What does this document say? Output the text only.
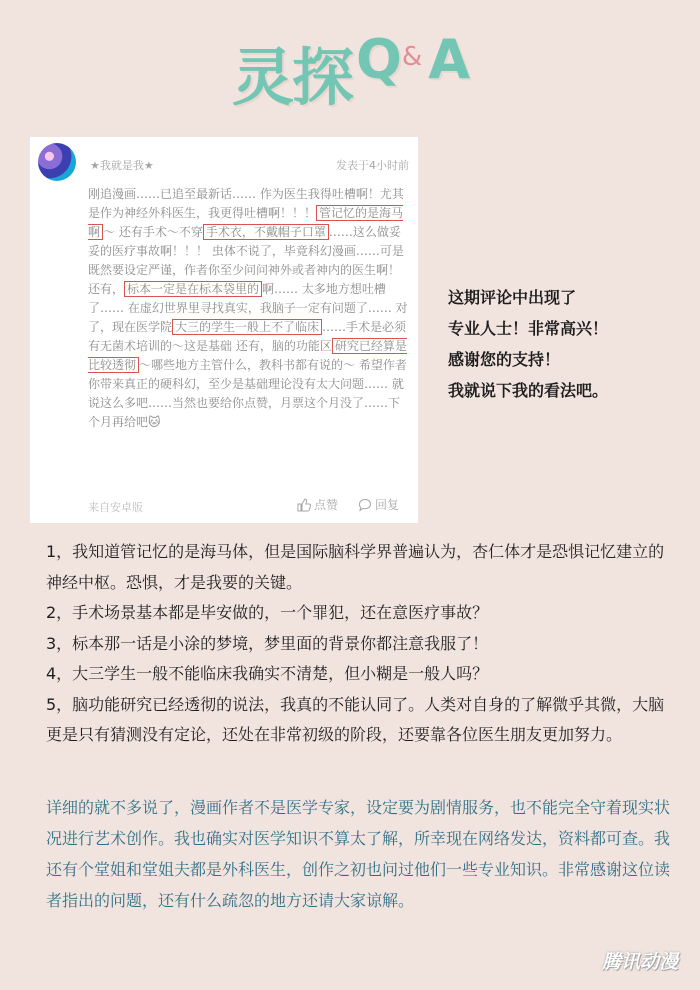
灵探Q& A
★我就是我★	发表于4小时前
刚追漫画……已追至最新话…… 作为医生我得吐槽啊！尤其是作为神经外科医生，我更得吐槽啊！！！ 管记忆的是海马啊 ～ 还有手术～不穿 手术衣，不戴帽子口罩 ……这么做妥妥的医疗事故啊！！！ 虫体不说了，毕竟科幻漫画……可是既然要设定严谨，作者你至少问问神外或者神内的医生啊！ 还有， 标本一定是在标本袋里的 啊…… 太多地方想吐槽了…… 在虚幻世界里寻找真实，我脑子一定有问题了…… 对了，现在医学院 大三的学生一般上不了临床 ……手术是必须有无菌术培训的～这是基础 还有，脑的功能区 研究已经算是比较透彻 ～哪些地方主管什么，教科书都有说的～ 希望作者你带来真正的硬科幻，至少是基础理论没有太大问题…… 就说这么多吧……当然也要给你点赞，月票这个月没了……下个月再给吧🐱
来自安卓版	点赞	回复
这期评论中出现了
专业人士！非常高兴！
感谢您的支持！
我就说下我的看法吧。

1，我知道管记忆的是海马体，但是国际脑科学界普遍认为，杏仁体才是恐惧记忆建立的神经中枢。恐惧，才是我要的关键。

2，手术场景基本都是毕安做的，一个罪犯，还在意医疗事故？

3，标本那一话是小涂的梦境，梦里面的背景你都注意我服了！

4，大三学生一般不能临床我确实不清楚，但小糊是一般人吗？

5，脑功能研究已经透彻的说法，我真的不能认同了。人类对自身的了解微乎其微，大脑更是只有猜测没有定论，还处在非常初级的阶段，还要靠各位医生朋友更加努力。

详细的就不多说了，漫画作者不是医学专家，设定要为剧情服务，也不能完全守着现实状况进行艺术创作。我也确实对医学知识不算太了解，所幸现在网络发达，资料都可查。我还有个堂姐和堂姐夫都是外科医生，创作之初也问过他们一些专业知识。非常感谢这位读者指出的问题，还有什么疏忽的地方还请大家谅解。
腾讯动漫
